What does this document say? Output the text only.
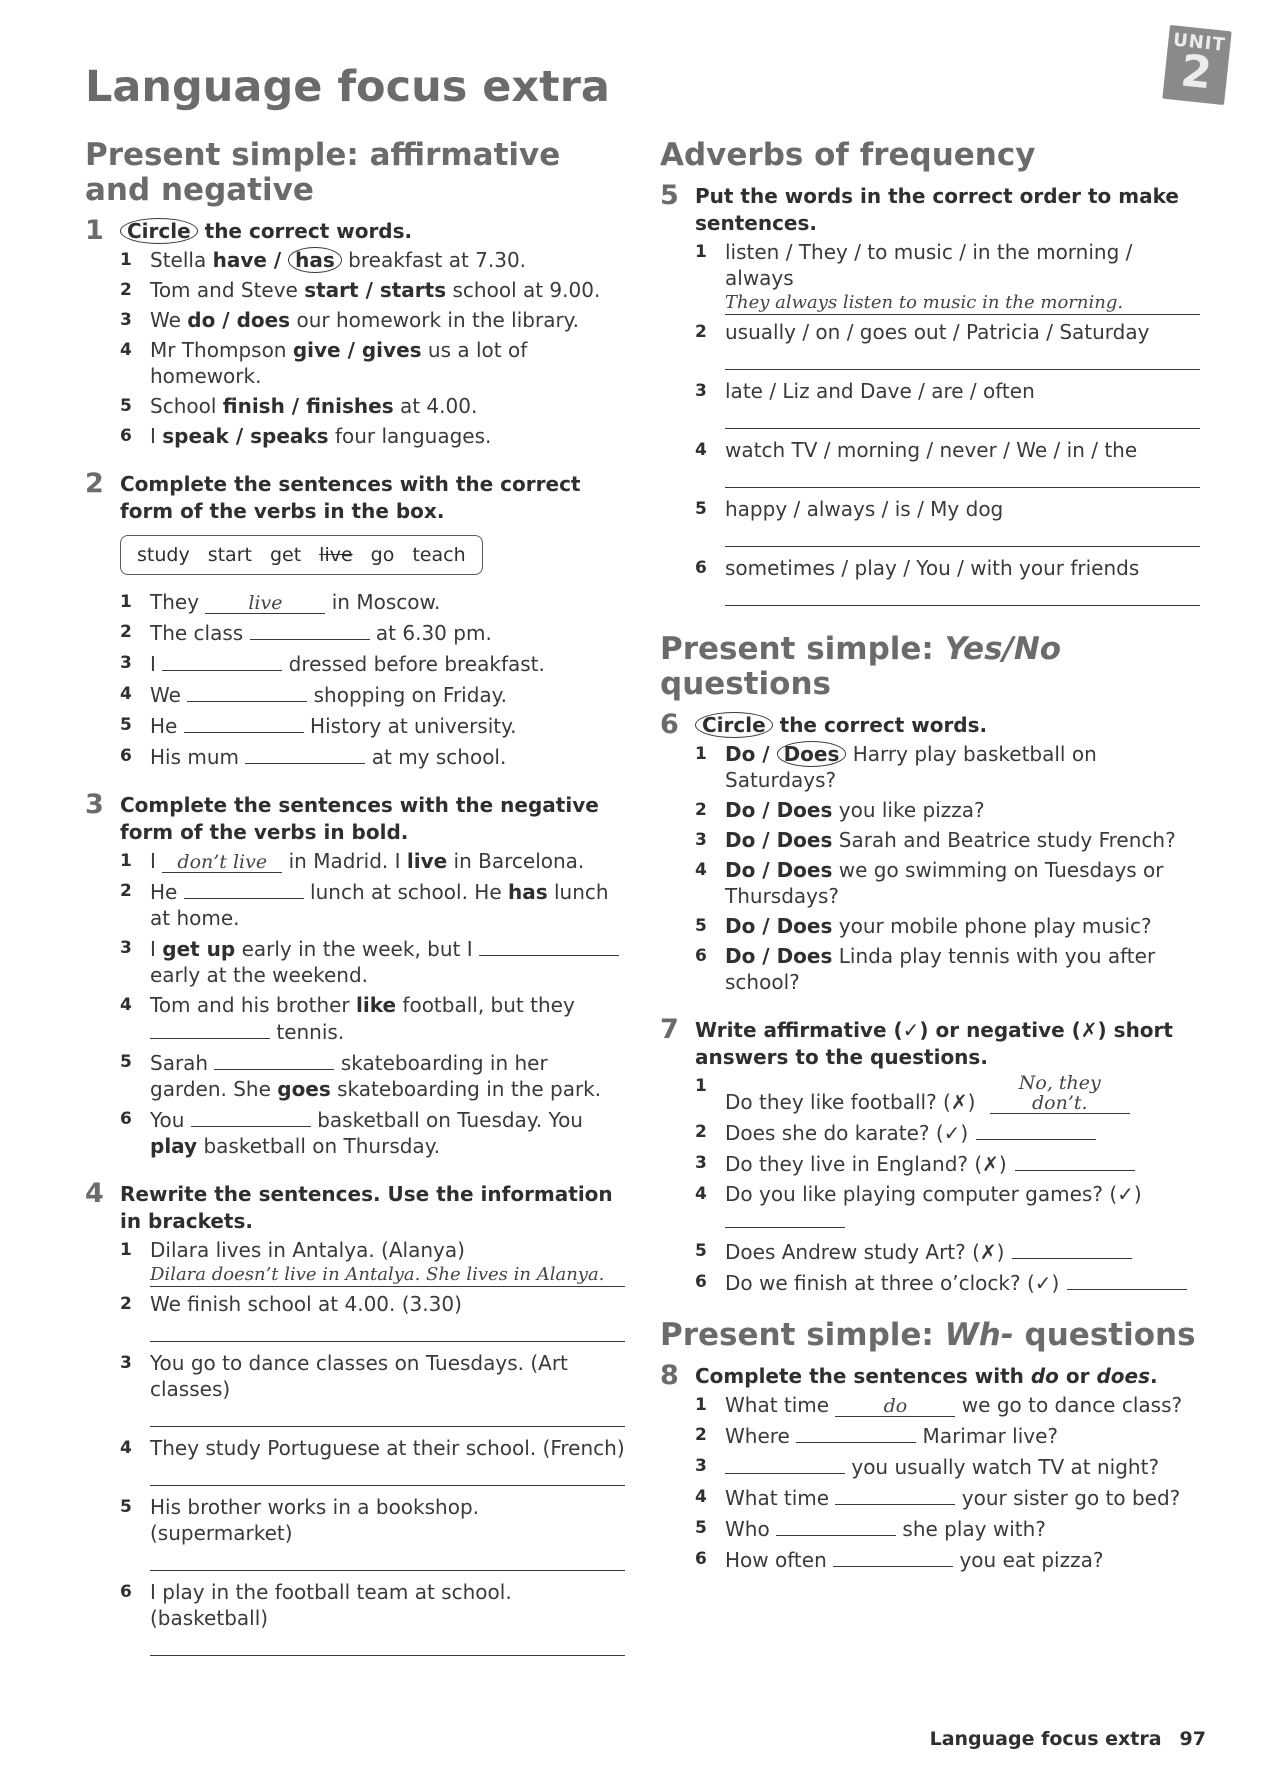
Language focus extra
UNIT
2
Present simple: affirmative and negative
1	Circle the correct words.
1 Stella have / has breakfast at 7.30.
2 Tom and Steve start / starts school at 9.00.
3 We do / does our homework in the library.
4 Mr Thompson give / gives us a lot of homework.
5 School finish / finishes at 4.00.
6 I speak / speaks four languages.
2 Complete the sentences with the correct form of the verbs in the box.
study start get live go teach
1 They live in Moscow.
2 The class	at 6.30 pm.
3 I	dressed before breakfast.
4 We	shopping on Friday.
5 He	History at university.
6 His mum	at my school.
3 Complete the sentences with the negative form of the verbs in bold.
1 I don’t live in Madrid. I live in Barcelona.
2 He	lunch at school. He has lunch at home.
3 I get up early in the week, but I  early at the weekend.
4 Tom and his brother like football, but they  tennis.
5 Sarah	skateboarding in her garden. She goes skateboarding in the park.
6 You	basketball on Tuesday. You play basketball on Thursday.
4 Rewrite the sentences. Use the information in brackets.
1 Dilara lives in Antalya. (Alanya)
Dilara doesn’t live in Antalya. She lives in Alanya.
2 We finish school at 4.00. (3.30)
3 You go to dance classes on Tuesdays. (Art classes)
4 They study Portuguese at their school. (French)
5 His brother works in a bookshop. (supermarket)
6 I play in the football team at school. (basketball)
Adverbs of frequency
5 Put the words in the correct order to make sentences.
1 listen / They / to music / in the morning / always
They always listen to music in the morning.
2 usually / on / goes out / Patricia / Saturday
3 late / Liz and Dave / are / often
4 watch TV / morning / never / We / in / the
5 happy / always / is / My dog
6 sometimes / play / You / with your friends
Present simple: Yes/No questions
6	Circle the correct words.
1 Do / Does Harry play basketball on Saturdays?
2 Do / Does you like pizza?
3 Do / Does Sarah and Beatrice study French?
4 Do / Does we go swimming on Tuesdays or Thursdays?
5 Do / Does your mobile phone play music?
6 Do / Does Linda play tennis with you after school?
7 Write affirmative (✓) or negative (✗) short answers to the questions.
1
Do they like football? (✗) No, they don’t.
2 Does she do karate? (✓)
3 Do they live in England? (✗)
4 Do you like playing computer games? (✓)

5 Does Andrew study Art? (✗)
6 Do we finish at three o’clock? (✓)
Present simple: Wh- questions
8 Complete the sentences with do or does.
1 What time	do we go to dance class?
2 Where	Marimar live?
3	you usually watch TV at night?
4 What time	your sister go to bed?
5 Who	she play with?
6 How often	you eat pizza?
Language focus extra 97
